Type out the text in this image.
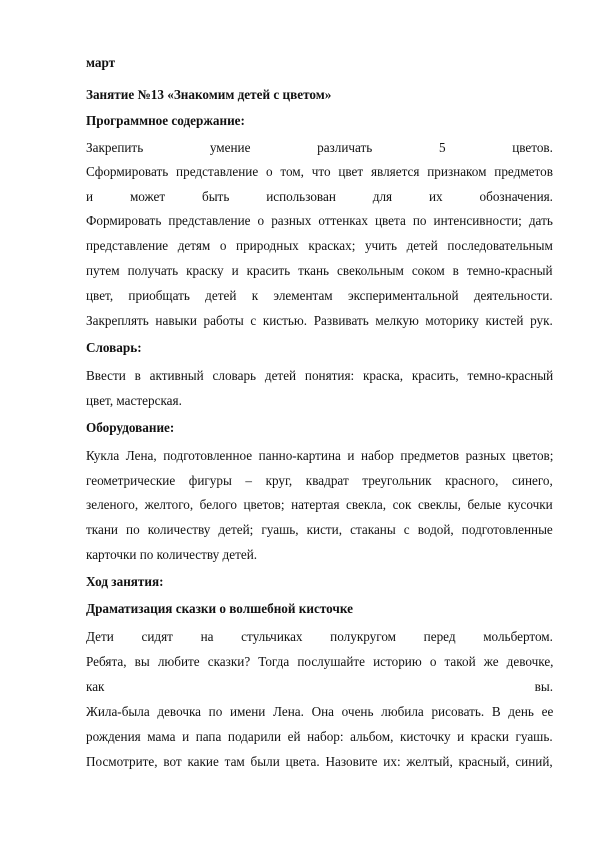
март
Занятие №13 «Знакомим детей с цветом»
Программное содержание:
Закрепить	умение	различать	5	цветов.
Сформировать представление о том, что цвет является признаком предметов
и	может	быть	использован	для	их	обозначения.
Формировать представление о разных оттенках цвета по интенсивности; дать
представление детям о природных красках; учить детей последовательным
путем получать краску и красить ткань свекольным соком в темно-красный
цвет, приобщать детей к элементам экспериментальной деятельности.
Закреплять навыки работы с кистью. Развивать мелкую моторику кистей рук.
Словарь:
Ввести в активный словарь детей понятия: краска, красить, темно-красный
цвет, мастерская.
Оборудование:
Кукла Лена, подготовленное панно-картина и набор предметов разных цветов;
геометрические фигуры – круг, квадрат треугольник красного, синего,
зеленого, желтого, белого цветов; натертая свекла, сок свеклы, белые кусочки
ткани по количеству детей; гуашь, кисти, стаканы с водой, подготовленные
карточки по количеству детей.
Ход занятия:
Драматизация сказки о волшебной кисточке
Дети сидят на стульчиках полукругом перед мольбертом.
Ребята, вы любите сказки? Тогда послушайте историю о такой же девочке,
как	вы.
Жила-была девочка по имени Лена. Она очень любила рисовать. В день ее
рождения мама и папа подарили ей набор: альбом, кисточку и краски гуашь.
Посмотрите, вот какие там были цвета. Назовите их: желтый, красный, синий,
